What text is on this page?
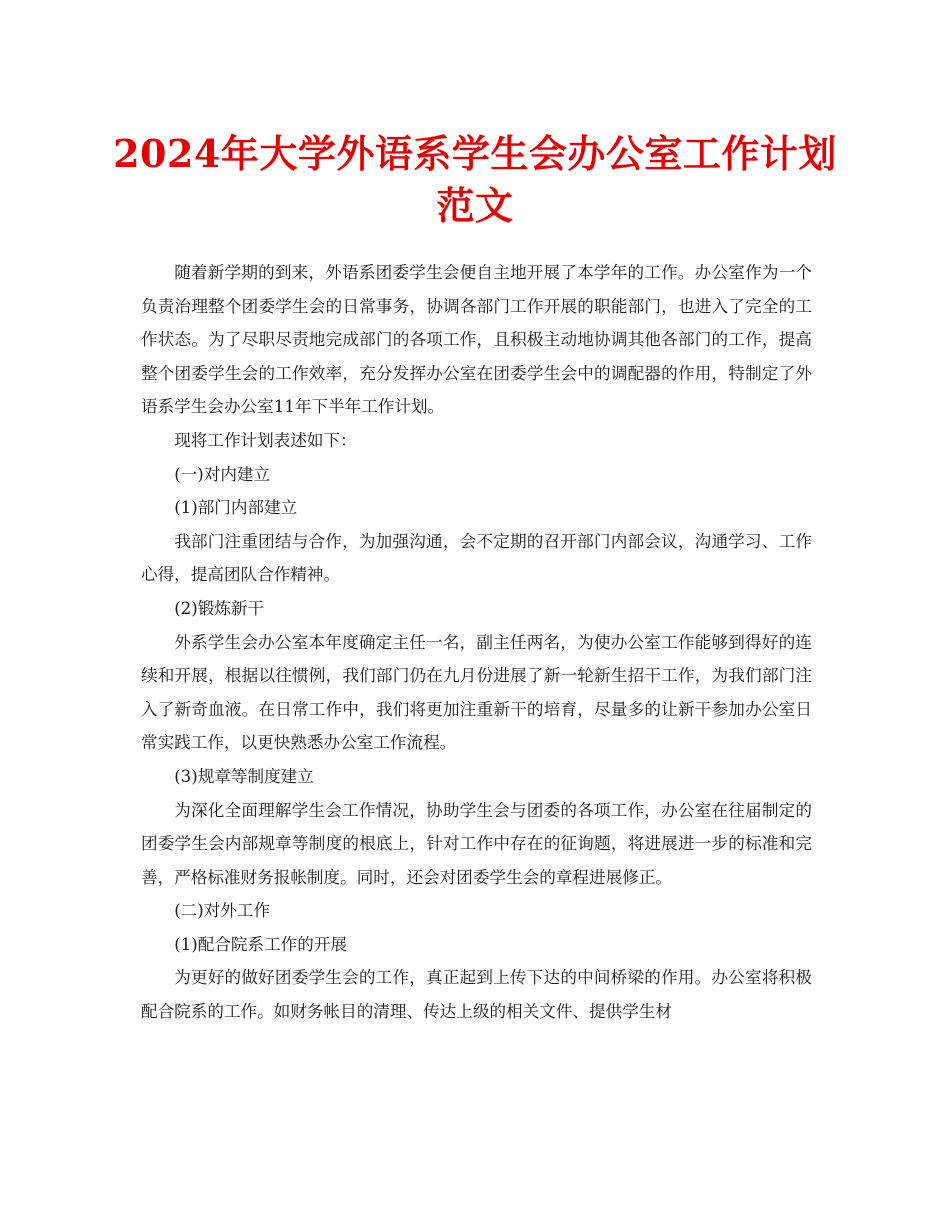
2024年大学外语系学生会办公室工作计划范文

随着新学期的到来，外语系团委学生会便自主地开展了本学年的工作。办公室作为一个负责治理整个团委学生会的日常事务，协调各部门工作开展的职能部门，也进入了完全的工作状态。为了尽职尽责地完成部门的各项工作，且积极主动地协调其他各部门的工作，提高整个团委学生会的工作效率，充分发挥办公室在团委学生会中的调配器的作用，特制定了外语系学生会办公室11年下半年工作计划。

现将工作计划表述如下：

(一)对内建立

(1)部门内部建立

我部门注重团结与合作，为加强沟通，会不定期的召开部门内部会议，沟通学习、工作心得，提高团队合作精神。

(2)锻炼新干

外系学生会办公室本年度确定主任一名，副主任两名，为使办公室工作能够到得好的连续和开展，根据以往惯例，我们部门仍在九月份进展了新一轮新生招干工作，为我们部门注入了新奇血液。在日常工作中，我们将更加注重新干的培育，尽量多的让新干参加办公室日常实践工作，以更快熟悉办公室工作流程。

(3)规章等制度建立

为深化全面理解学生会工作情况，协助学生会与团委的各项工作，办公室在往届制定的团委学生会内部规章等制度的根底上，针对工作中存在的征询题，将进展进一步的标准和完善，严格标准财务报帐制度。同时，还会对团委学生会的章程进展修正。

(二)对外工作

(1)配合院系工作的开展

为更好的做好团委学生会的工作，真正起到上传下达的中间桥梁的作用。办公室将积极配合院系的工作。如财务帐目的清理、传达上级的相关文件、提供学生材
